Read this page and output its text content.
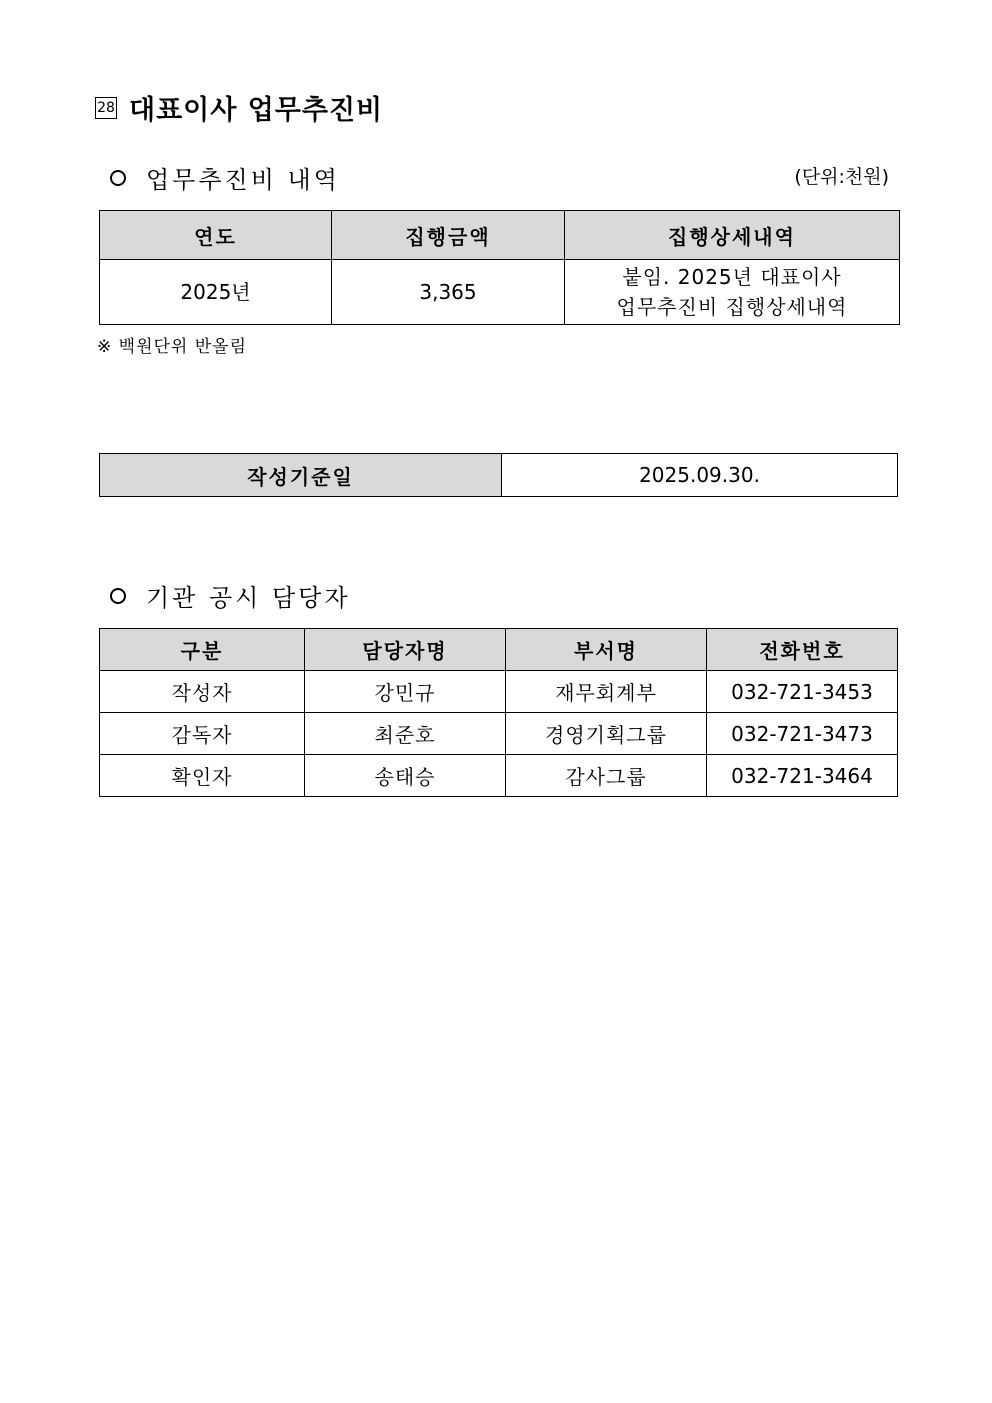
28 대표이사 업무추진비
업무추진비 내역	(단위:천원)
연도	집행금액	집행상세내역
2025년	3,365	붙임. 2025년 대표이사
업무추진비 집행상세내역
※ 백원단위 반올림
작성기준일	2025.09.30.
기관 공시 담당자
구분	담당자명	부서명	전화번호
작성자	강민규	재무회계부	032-721-3453
감독자	최준호	경영기획그룹	032-721-3473
확인자	송태승	감사그룹	032-721-3464
